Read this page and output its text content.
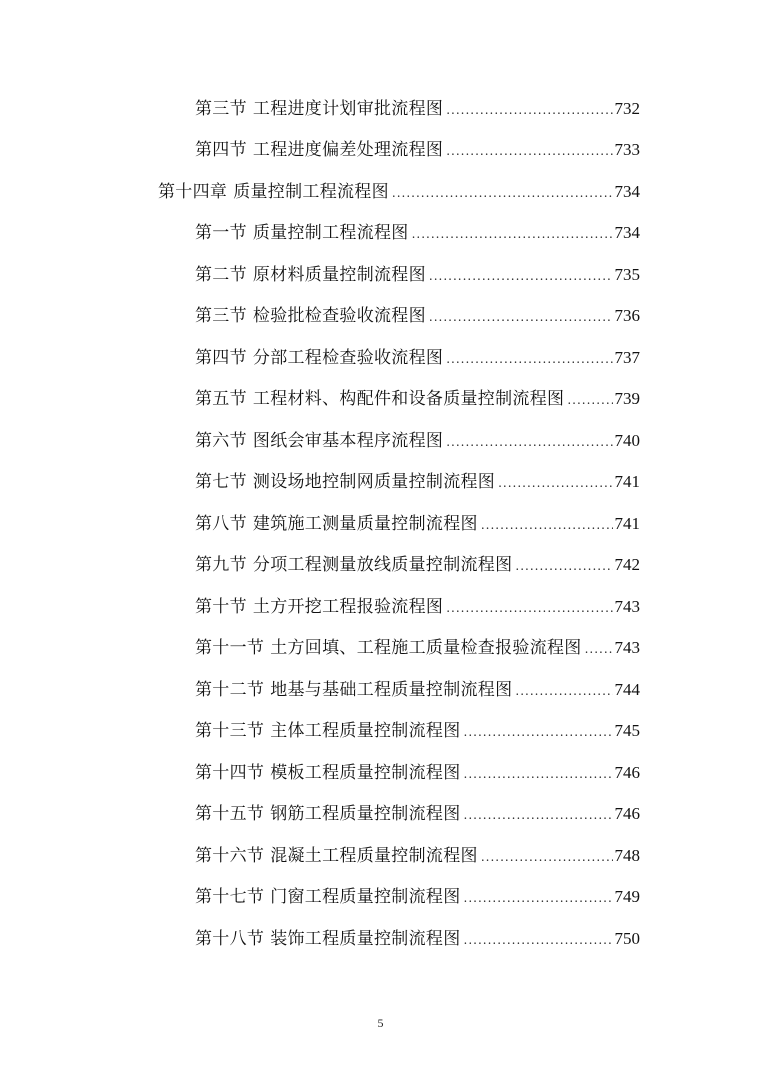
第三节 工程进度计划审批流程图 .....	732
第四节 工程进度偏差处理流程图 .....	733
第十四章 质量控制工程流程图 .....	734
第一节 质量控制工程流程图 .....	734
第二节 原材料质量控制流程图 .....	735
第三节 检验批检查验收流程图 .....	736
第四节 分部工程检查验收流程图 .....	737
第五节 工程材料、构配件和设备质量控制流程图 .....	739
第六节 图纸会审基本程序流程图 .....	740
第七节 测设场地控制网质量控制流程图 .....	741
第八节 建筑施工测量质量控制流程图 .....	741
第九节 分项工程测量放线质量控制流程图 .....	742
第十节 土方开挖工程报验流程图 .....	743
第十一节 土方回填、工程施工质量检查报验流程图 ..... 743
第十二节 地基与基础工程质量控制流程图 .....	744
第十三节 主体工程质量控制流程图 .....	745
第十四节 模板工程质量控制流程图 .....	746
第十五节 钢筋工程质量控制流程图 .....	746
第十六节 混凝土工程质量控制流程图 .....	748
第十七节 门窗工程质量控制流程图 .....	749
第十八节 装饰工程质量控制流程图 .....	750
5
